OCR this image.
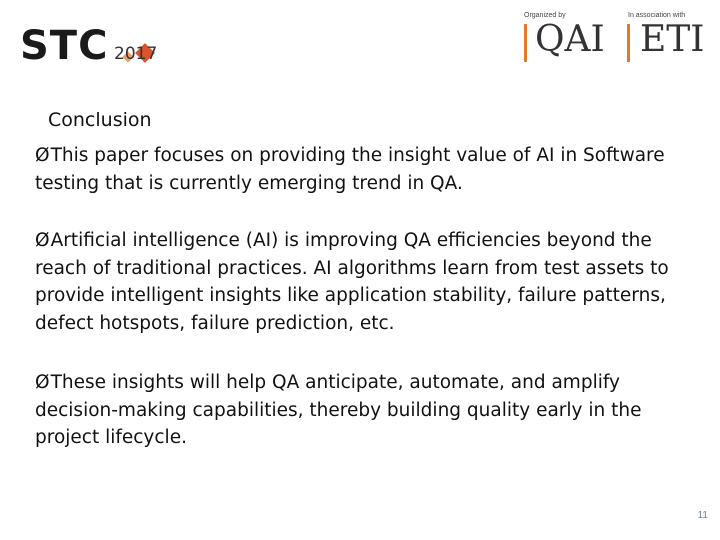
STC 2017
Organized by	In association with
QAI ETI
Conclusion
ØThis paper focuses on providing the insight value of AI in Software testing that is currently emerging trend in QA.
ØArtificial intelligence (AI) is improving QA efficiencies beyond the reach of traditional practices. AI algorithms learn from test assets to provide intelligent insights like application stability, failure patterns, defect hotspots, failure prediction, etc.
ØThese insights will help QA anticipate, automate, and amplify decision-making capabilities, thereby building quality early in the project lifecycle.
11
